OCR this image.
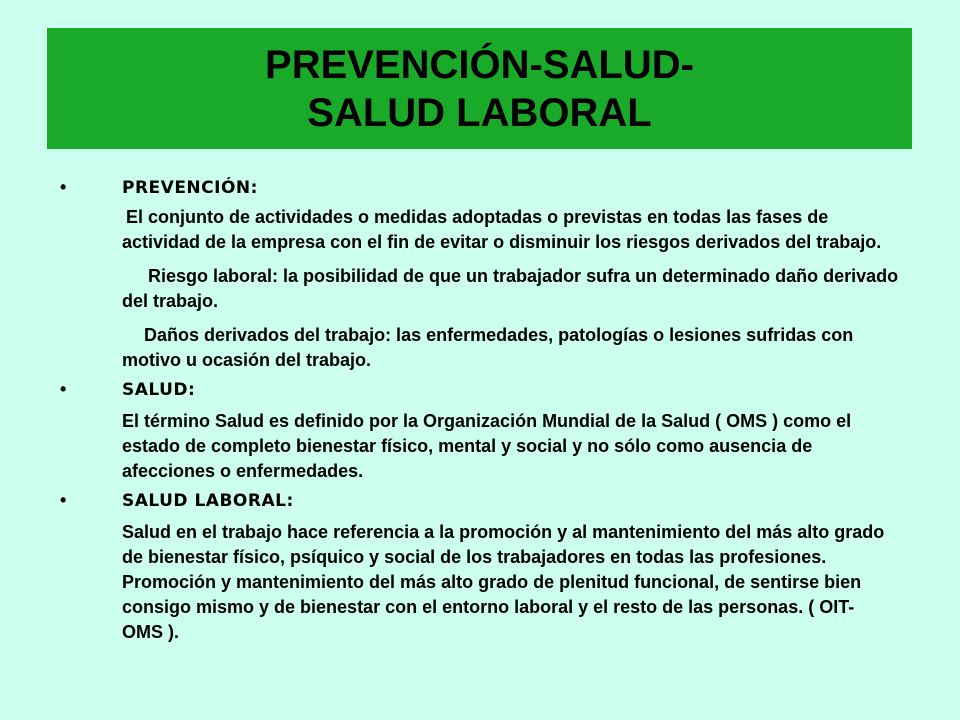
PREVENCIÓN-SALUD-
SALUD LABORAL
•	PREVENCIÓN:
El conjunto de actividades o medidas adoptadas o previstas en todas las fases de actividad de la empresa con el fin de evitar o disminuir los riesgos derivados del trabajo.
Riesgo laboral: la posibilidad de que un trabajador sufra un determinado daño derivado del trabajo.
Daños derivados del trabajo: las enfermedades, patologías o lesiones sufridas con motivo u ocasión del trabajo.
•	SALUD:
El término Salud es definido por la Organización Mundial de la Salud ( OMS ) como el estado de completo bienestar físico, mental y social y no sólo como ausencia de afecciones o enfermedades.
•	SALUD LABORAL:
Salud en el trabajo hace referencia a la promoción y al mantenimiento del más alto grado de bienestar físico, psíquico y social de los trabajadores en todas las profesiones. Promoción y mantenimiento del más alto grado de plenitud funcional, de sentirse bien consigo mismo y de bienestar con el entorno laboral y el resto de las personas. ( OIT- OMS ).
